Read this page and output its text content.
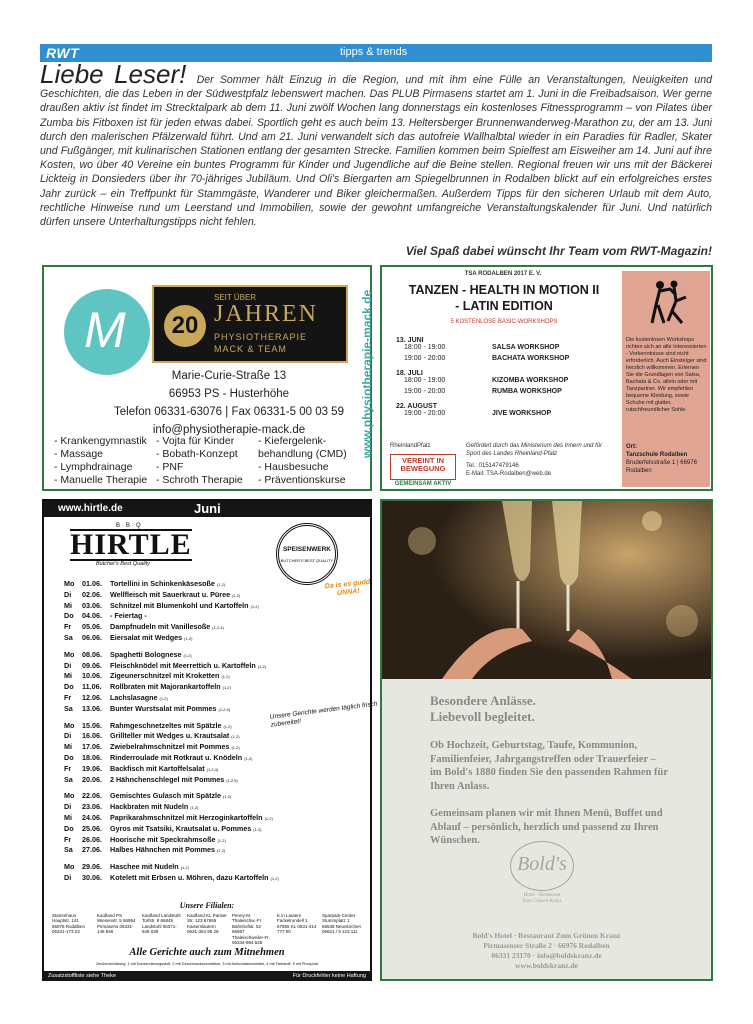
RWT	tipps & trends	03
Liebe Leser! Der Sommer hält Einzug in die Region, und mit ihm eine Fülle an Veranstaltungen, Neuigkeiten und Geschichten, die das Leben in der Südwestpfalz lebenswert machen. Das PLUB Pirmasens startet am 1. Juni in die Freibadsaison. Wer gerne draußen aktiv ist findet im Strecktalpark ab dem 11. Juni zwölf Wochen lang donnerstags ein kostenloses Fitnessprogramm – von Pilates über Zumba bis Fitboxen ist für jeden etwas dabei. Sportlich geht es auch beim 13. Heltersberger Brunnenwanderweg-Marathon zu, der am 13. Juni durch den malerischen Pfälzerwald führt. Und am 21. Juni verwandelt sich das autofreie Wallhalbtal wieder in ein Paradies für Radler, Skater und Fußgänger, mit kulinarischen Stationen entlang der gesamten Strecke. Familien kommen beim Spielfest am Eisweiher am 14. Juni auf ihre Kosten, wo über 40 Vereine ein buntes Programm für Kinder und Jugendliche auf die Beine stellen. Regional freuen wir uns mit der Bäckerei Lickteig in Donsieders über ihr 70-jähriges Jubiläum. Und Oli's Biergarten am Spiegelbrunnen in Rodalben blickt auf ein erfolgreiches erstes Jahr zurück – ein Treffpunkt für Stammgäste, Wanderer und Biker gleichermaßen. Außerdem Tipps für den sicheren Urlaub mit dem Auto, rechtliche Hinweise rund um Leerstand und Immobilien, sowie der gewohnt umfangreiche Veranstaltungskalender für Juni. Und natürlich dürfen unsere Unterhaltungstipps nicht fehlen.
Viel Spaß dabei wünscht Ihr Team vom RWT-Magazin!
M	20
SEIT ÜBER
JAHREN
PHYSIOTHERAPIE
MACK & TEAM
Marie-Curie-Straße 13
66953 PS - Husterhöhe
Telefon 06331-63076 | Fax 06331-5 00 03 59
info@physiotherapie-mack.de
- Krankengymnastik
- Massage
- Lymphdrainage
- Manuelle Therapie
- Vojta für Kinder
- Bobath-Konzept
- PNF
- Schroth Therapie
- Kiefergelenk-
behandlung (CMD)
- Hausbesuche
- Präventionskurse
www.physiotherapie-mack.de
TSA RODALBEN 2017 E. V.
TANZEN - HEALTH IN MOTION II
- LATIN EDITION
5 KOSTENLOSE BASIC-WORKSHOPS
13. JUNI
18:00 - 19:00	SALSA WORKSHOP
19:00 - 20:00	BACHATA WORKSHOP
18. JULI
18:00 - 19:00	KIZOMBA WORKSHOP
19:00 - 20:00	RUMBA WORKSHOP
22. AUGUST
19:00 - 20:00	JIVE WORKSHOP
RheinlandPfalz
VEREINT IN BEWEGUNG
GEMEINSAM AKTIV
Gefördert durch das Ministerium des Innern und für Sport des Landes Rheinland-Pfalz
Tel.: 015147479146
E-Mail: TSA-Rodalben@web.de
Die kostenlosen Workshops richten sich an alle Interessierten - Vorkenntnisse sind nicht erforderlich. Auch Einsteiger sind herzlich willkommen. Erlernen Sie die Grundlagen von Salsa, Bachata & Co. allein oder mit Tanzpartner. Wir empfehlen bequeme Kleidung, sowie Schuhe mit glatter, rutschfreundlicher Sohle.
Ort:
Tanzschule Rodalben
Bruderfelsstraße 1 | 66976 Rodalben
www.hirtle.de	Juni
B·B·Q
HIRTLE
Butcher's Best Quality
SPEISENWERK
BUTCHER'S BEST QUALITY
Da is es gudd UNNA!
Unsere Gerichte werden täglich frisch zubereitet!
Mo	01.06.	Tortellini in Schinkenkäsesoße (1,2)
Di	02.06.	Wellfleisch mit Sauerkraut u. Püree (1,2)
Mi	03.06.	Schnitzel mit Blumenkohl und Kartoffeln (1,2)
Do	04.06.	- Feiertag -
Fr	05.06.	Dampfnudeln mit Vanillesoße (1,2,4)
Sa	06.06.	Eiersalat mit Wedges (1,2)
Mo	08.06.	Spaghetti Bolognese (1,2)
Di	09.06.	Fleischknödel mit Meerrettich u. Kartoffeln (1,2)
Mi	10.06.	Zigeunerschnitzel mit Kroketten (1,2)
Do	11.06.	Rollbraten mit Majorankartoffeln (1,2)
Fr	12.06.	Lachslasagne (1,2)
Sa	13.06.	Bunter Wurstsalat mit Pommes (1,2,5)
Mo	15.06.	Rahmgeschnetzeltes mit Spätzle (1,2)
Di	16.06.	Grillteller mit Wedges u. Krautsalat (1,2)
Mi	17.06.	Zwiebelrahmschnitzel mit Pommes (1,2)
Do	18.06.	Rinderroulade mit Rotkraut u. Knödeln (1,2)
Fr	19.06.	Backfisch mit Kartoffelsalat (1,2,4)
Sa	20.06.	2 Hähnchenschlegel mit Pommes (1,2,5)
Mo	22.06.	Gemischtes Gulasch mit Spätzle (1,2)
Di	23.06.	Hackbraten mit Nudeln (1,2)
Mi	24.06.	Paprikarahmschnitzel mit Herzoginkartoffeln (1,2)
Do	25.06.	Gyros mit Tsatsiki, Krautsalat u. Pommes (1,2)
Fr	26.06.	Hoorische mit Speckrahmsoße (1,2)
Sa	27.06.	Halbes Hähnchen mit Pommes (1,2)
Mo	29.06.	Haschee mit Nudeln (1,2)
Di	30.06.	Kotelett mit Erbsen u. Möhren, dazu Kartoffeln (1,2)
Unsere Filialen:
Stammhaus Hauptstr. 141 66976 Rodalben 06331-173 23
Kaufland PS Wiesenstr. 5 66954 Pirmasens 06331-146 846
Kaufland Landstuhl Torfstr. 8 66849 Landstuhl 06371-946 039
Kaufland KL Pariser Str. 123 67655 Kaiserslautern 0631-354 95 29
Penny-M. Thaleischw.-Fr. Bahnhofstr. 52 66987 Thaleischweiler-Fr. 06334-984 525
K in Lautern Fackelrondell 1 67655 KL 0631-414 777 00
Sparpark-Center Stummplatz 1 66538 Neunkirchen 06821 / 9 123 111
Alle Gerichte auch zum Mitnehmen
Zeichenerklärung: 1 mit Konservierungsstoff, 2 mit Geschmacksverstärker, 3 mit Antioxidationsmittel, 4 mit Farbstoff, 5 mit Phosphat
Zusatzstoffliste siehe Theke	Für Druckfehler keine Haftung
Besondere Anlässe.
Liebevoll begleitet.
Ob Hochzeit, Geburtstag, Taufe, Kommunion, Familienfeier, Jahrgangstreffen oder Trauerfeier – im Bold's 1880 finden Sie den passenden Rahmen für Ihren Anlass.
Gemeinsam planen wir mit Ihnen Menü, Buffet und Ablauf – persönlich, herzlich und passend zu Ihren Wünschen.
Bold's
Hotel · Restaurant
Zum Grünen Kranz
Bold's Hotel · Restaurant Zum Grünen Kranz
Pirmasenser Straße 2 · 66976 Rodalben
06331 23170 · info@boldskranz.de
www.boldskranz.de
